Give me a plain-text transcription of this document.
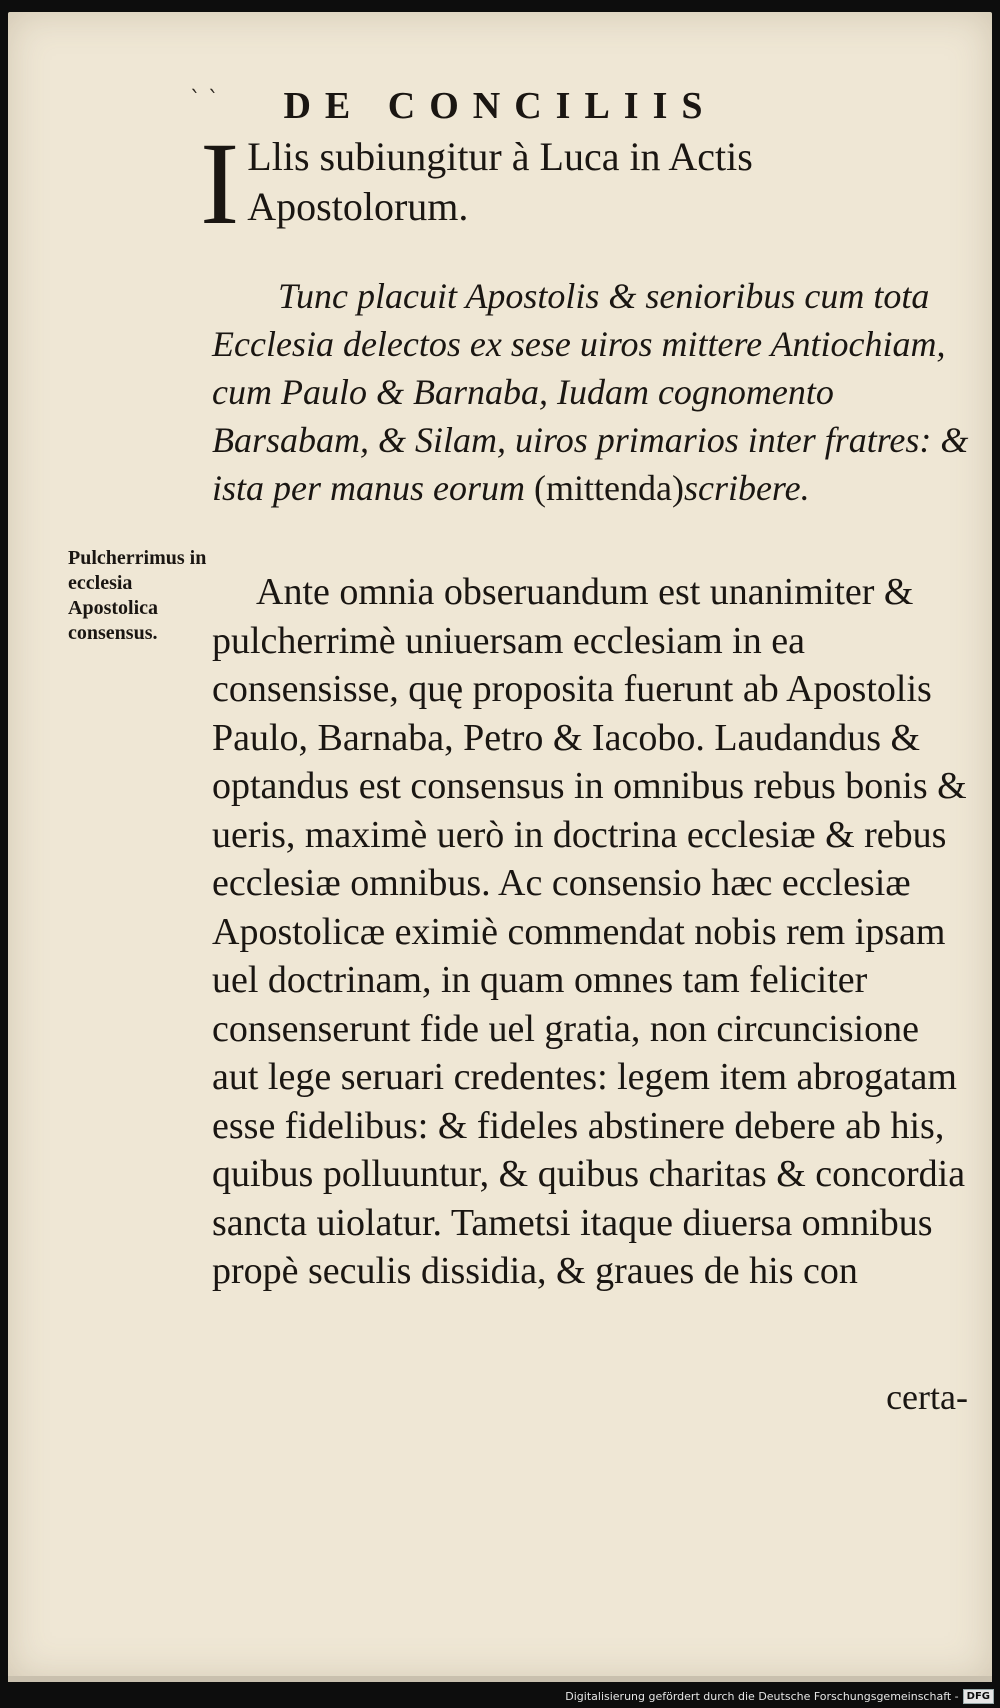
` ˋ	DE CONCILIIS
I Llis subiungitur à Luca in Actis Apostolorum.
Tunc placuit Apostolis & senioribus cum tota Ecclesia delectos ex sese uiros mittere Antiochiam, cum Paulo & Barnaba, Iudam cognomento Barsabam, & Silam, uiros primarios inter fratres: & ista per manus eorum (mittenda)scribere.
Pulcherrimus in ecclesia Apostolica consensus.
Ante omnia obseruandum est unanimiter & pulcherrimè uniuersam ecclesiam in ea consensisse, quę proposita fuerunt ab Apostolis Paulo, Barnaba, Petro & Iacobo. Laudandus & optandus est consensus in omnibus rebus bonis & ueris, maximè uerò in doctrina ecclesiæ & rebus ecclesiæ omnibus. Ac consensio hæc ecclesiæ Apostolicæ eximiè commendat nobis rem ipsam uel doctrinam, in quam omnes tam feliciter consenserunt fide uel gratia, non circuncisione aut lege seruari credentes: legem item abrogatam esse fidelibus: & fideles abstinere debere ab his, quibus polluuntur, & quibus charitas & concordia sancta uiolatur. Tametsi itaque diuersa omnibus propè seculis dissidia, & graues de his con
certa-
Digitalisierung gefördert durch die Deutsche Forschungsgemeinschaft - DFG
